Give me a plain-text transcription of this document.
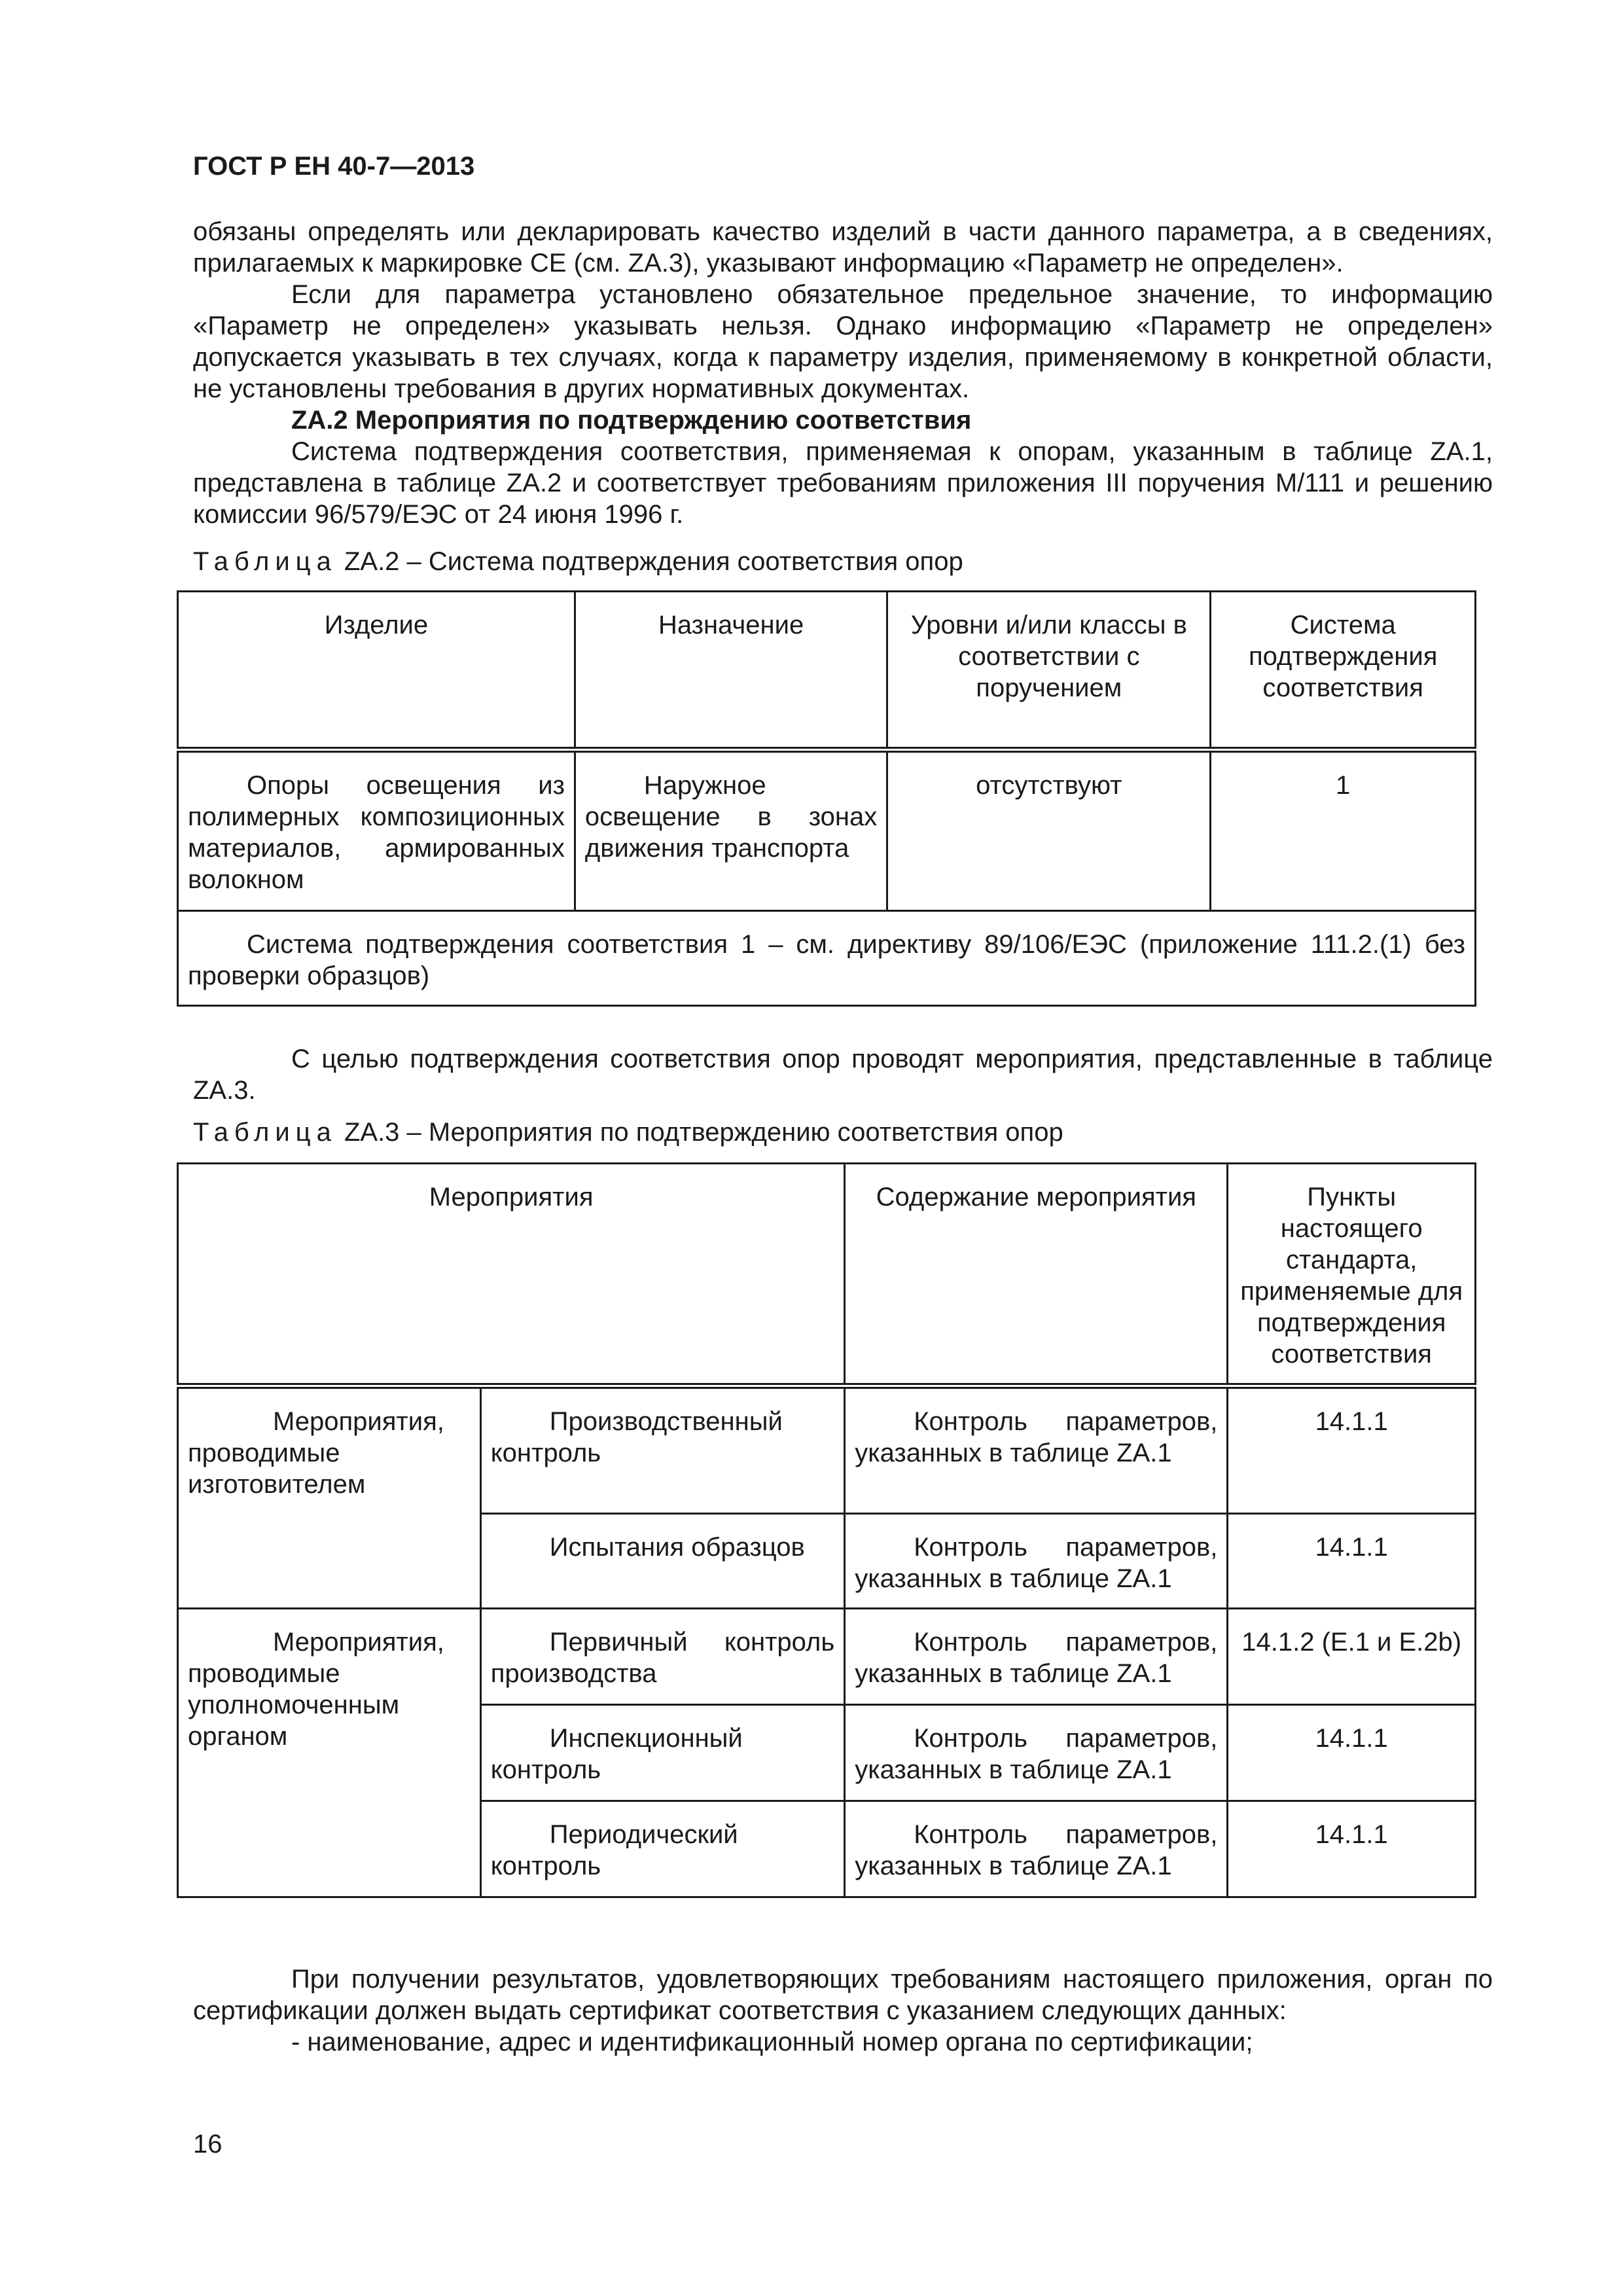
ГОСТ Р ЕН 40-7—2013
обязаны определять или декларировать качество изделий в части данного параметра, а в сведениях, прилагаемых к маркировке CE (см. ZA.3), указывают информацию «Параметр не определен».
Если для параметра установлено обязательное предельное значение, то информацию «Параметр не определен» указывать нельзя. Однако информацию «Параметр не определен» допускается указывать в тех случаях, когда к параметру изделия, применяемому в конкретной области, не установлены требования в других нормативных документах.
ZA.2 Мероприятия по подтверждению соответствия
Система подтверждения соответствия, применяемая к опорам, указанным в таблице ZA.1, представлена в таблице ZA.2 и соответствует требованиям приложения III поручения M/111 и решению комиссии 96/579/ЕЭС от 24 июня 1996 г.
Таблица ZA.2 – Система подтверждения соответствия опор
Изделие	Назначение	Уровни и/или классы в соответствии с поручением	Система подтверждения соответствия
Опоры освещения из полимерных композиционных материалов, армированных волокном	Наружное освещение в зонах движения транспорта	отсутствуют	1
Система подтверждения соответствия 1 – см. директиву 89/106/ЕЭС (приложение 111.2.(1) без проверки образцов)			
С целью подтверждения соответствия опор проводят мероприятия, представленные в таблице ZA.3.
Таблица ZA.3 – Мероприятия по подтверждению соответствия опор
Мероприятия		Содержание мероприятия	Пункты настоящего стандарта, применяемые для подтверждения соответствия
Мероприятия, проводимые изготовителем	Производственный контроль	Контроль параметров, указанных в таблице ZA.1	14.1.1
	Испытания образцов	Контроль параметров, указанных в таблице ZA.1	14.1.1
Мероприятия, проводимые уполномоченным органом	Первичный контроль производства	Контроль параметров, указанных в таблице ZA.1	14.1.2 (E.1 и E.2b)
	Инспекционный контроль	Контроль параметров, указанных в таблице ZA.1	14.1.1
	Периодический контроль	Контроль параметров, указанных в таблице ZA.1	14.1.1
При получении результатов, удовлетворяющих требованиям настоящего приложения, орган по сертификации должен выдать сертификат соответствия с указанием следующих данных:
- наименование, адрес и идентификационный номер органа по сертификации;
16
